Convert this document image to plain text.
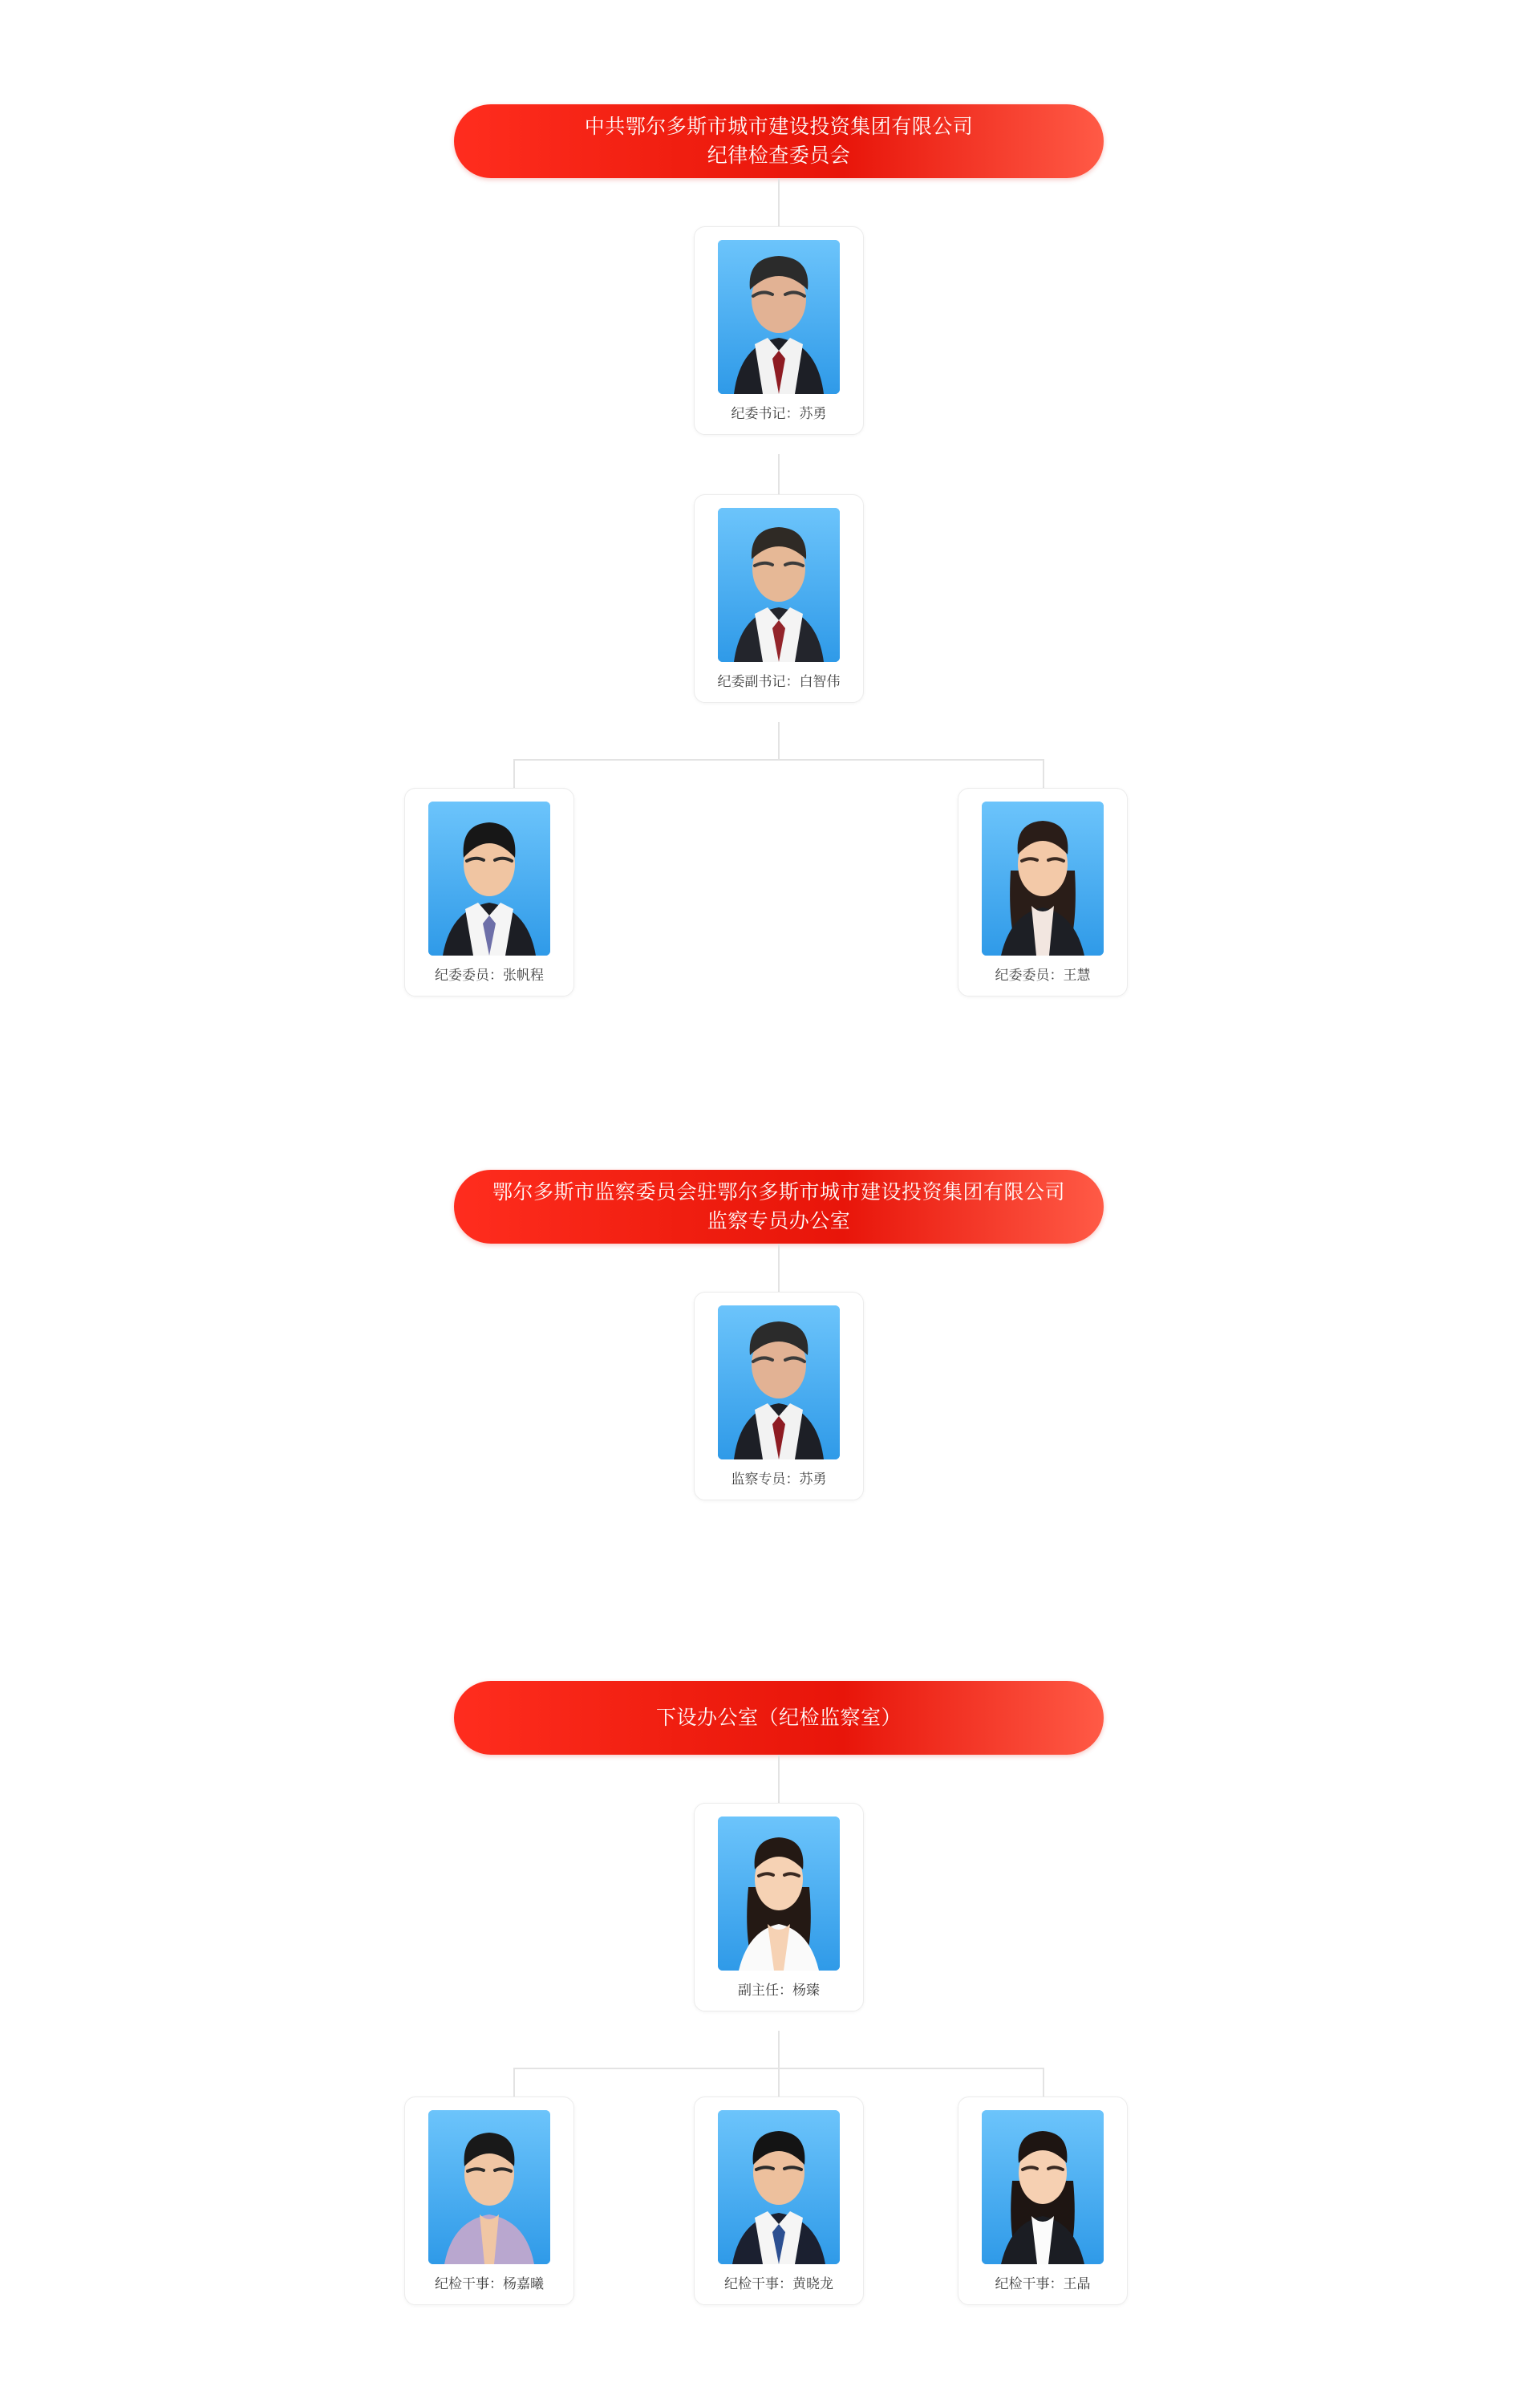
中共鄂尔多斯市城市建设投资集团有限公司
纪律检查委员会
纪委书记：苏勇
纪委副书记：白智伟
纪委委员：张帆程	纪委委员：王慧
鄂尔多斯市监察委员会驻鄂尔多斯市城市建设投资集团有限公司
监察专员办公室
监察专员：苏勇
下设办公室（纪检监察室）
副主任：杨臻
纪检干事：杨嘉曦	纪检干事：黄晓龙	纪检干事：王晶
